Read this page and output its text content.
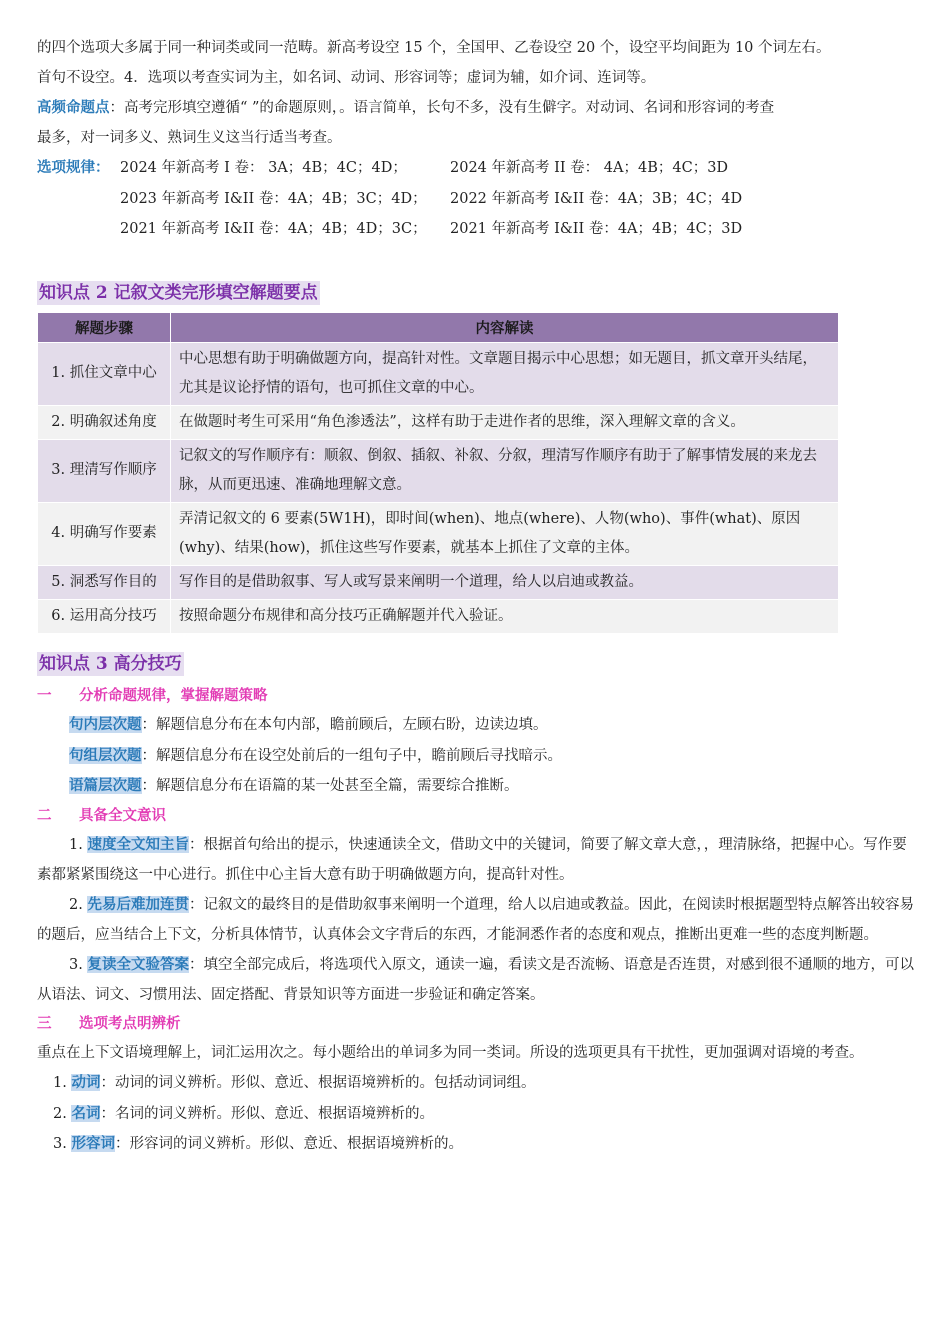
的四个选项大多属于同一种词类或同一范畴。新高考设空 15 个，全国甲、乙卷设空 20 个，设空平均间距为 10 个词左右。

首句不设空。4．选项以考查实词为主，如名词、动词、形容词等；虚词为辅，如介词、连词等。

高频命题点：高考完形填空遵循“ ”的命题原则，。语言简单，长句不多，没有生僻字。对动词、名词和形容词的考查

最多，对一词多义、熟词生义这当行适当考查。

选项规律： 2024 年新高考 I 卷： 3A；4B；4C；4D；	2024 年新高考 II 卷： 4A；4B；4C；3D
2023 年新高考 I&II 卷：4A；4B；3C；4D；	2022 年新高考 I&II 卷：4A；3B；4C；4D
2021 年新高考 I&II 卷：4A；4B；4D；3C；	2021 年新高考 I&II 卷：4A；4B；4C；3D
知识点 2 记叙文类完形填空解题要点
解题步骤	内容解读
1. 抓住文章中心	中心思想有助于明确做题方向，提高针对性。文章题目揭示中心思想；如无题目，抓文章开头结尾，尤其是议论抒情的语句，也可抓住文章的中心。
2. 明确叙述角度	在做题时考生可采用“角色渗透法”，这样有助于走进作者的思维，深入理解文章的含义。
3. 理清写作顺序	记叙文的写作顺序有：顺叙、倒叙、插叙、补叙、分叙，理清写作顺序有助于了解事情发展的来龙去脉，从而更迅速、准确地理解文意。
4. 明确写作要素	弄清记叙文的 6 要素(5W1H)，即时间(when)、地点(where)、人物(who)、事件(what)、原因(why)、结果(how)，抓住这些写作要素，就基本上抓住了文章的主体。
5. 洞悉写作目的	写作目的是借助叙事、写人或写景来阐明一个道理，给人以启迪或教益。
6. 运用高分技巧	按照命题分布规律和高分技巧正确解题并代入验证。
知识点 3 高分技巧
一 分析命题规律，掌握解题策略

句内层次题：解题信息分布在本句内部，瞻前顾后，左顾右盼，边读边填。

句组层次题：解题信息分布在设空处前后的一组句子中，瞻前顾后寻找暗示。

语篇层次题：解题信息分布在语篇的某一处甚至全篇，需要综合推断。

二 具备全文意识

1. 速度全文知主旨：根据首句给出的提示，快速通读全文，借助文中的关键词，简要了解文章大意，，理清脉络，把握中心。写作要素都紧紧围绕这一中心进行。抓住中心主旨大意有助于明确做题方向，提高针对性。

2. 先易后难加连贯：记叙文的最终目的是借助叙事来阐明一个道理，给人以启迪或教益。因此，在阅读时根据题型特点解答出较容易的题后，应当结合上下文，分析具体情节，认真体会文字背后的东西，才能洞悉作者的态度和观点，推断出更难一些的态度判断题。

3. 复读全文验答案：填空全部完成后，将选项代入原文，通读一遍，看读文是否流畅、语意是否连贯，对感到很不通顺的地方，可以从语法、词文、习惯用法、固定搭配、背景知识等方面进一步验证和确定答案。

三 选项考点明辨析

重点在上下文语境理解上，词汇运用次之。每小题给出的单词多为同一类词。所设的选项更具有干扰性，更加强调对语境的考查。

1. 动词：动词的词义辨析。形似、意近、根据语境辨析的。包括动词词组。

2. 名词：名词的词义辨析。形似、意近、根据语境辨析的。

3. 形容词：形容词的词义辨析。形似、意近、根据语境辨析的。
